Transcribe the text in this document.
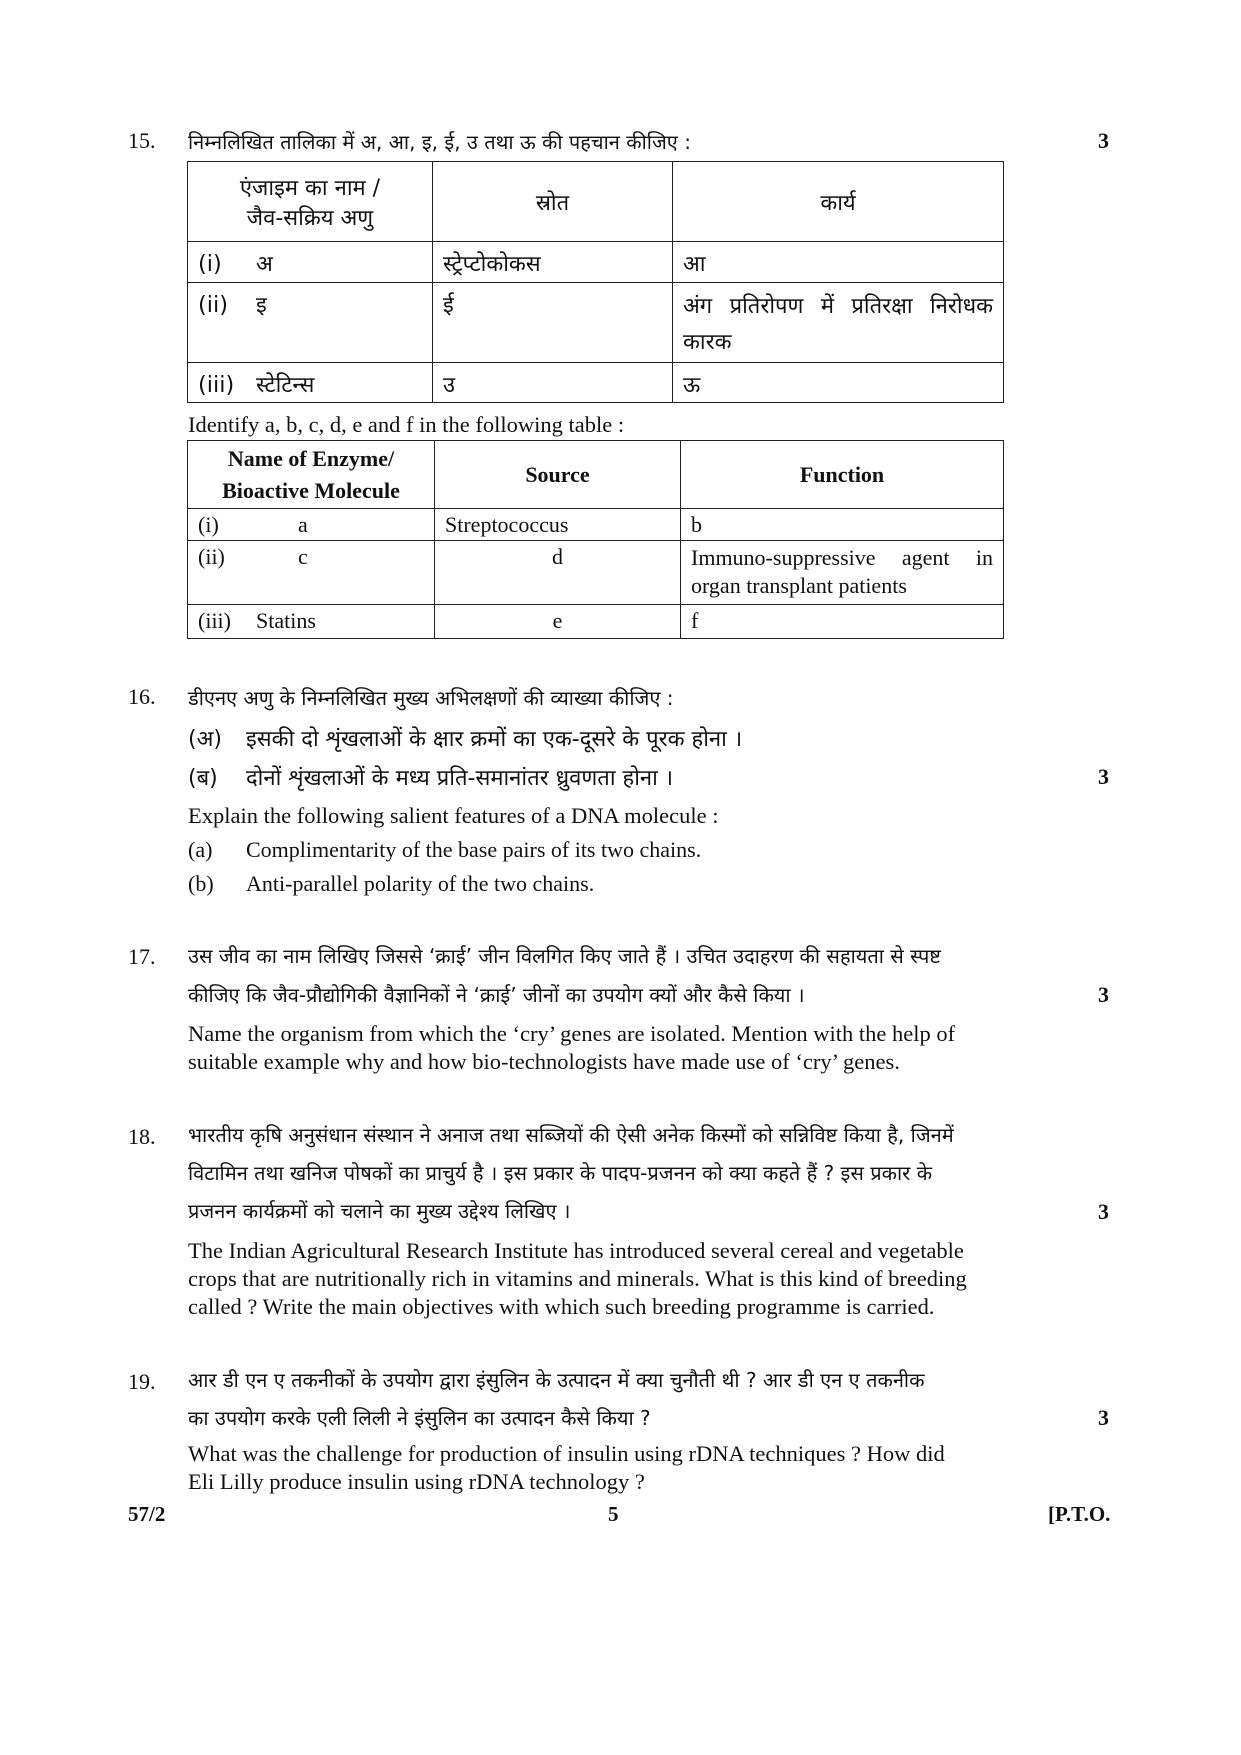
15. निम्नलिखित तालिका में अ, आ, इ, ई, उ तथा ऊ की पहचान कीजिए :	3
एंजाइम का नाम / जैव-सक्रिय अणु	स्रोत	कार्य
(i) अ	स्ट्रेप्टोकोकस	आ
(ii) इ	ई	अंग प्रतिरोपण में प्रतिरक्षा निरोधक कारक
(iii) स्टेटिन्स	उ	ऊ
Identify a, b, c, d, e and f in the following table :
Name of Enzyme/ Bioactive Molecule	Source	Function
(i) a	Streptococcus	b
(ii) c	d	Immuno-suppressive agent in organ transplant patients
(iii) Statins	e	f
16. डीएनए अणु के निम्नलिखित मुख्य अभिलक्षणों की व्याख्या कीजिए :
(अ) इसकी दो शृंखलाओं के क्षार क्रमों का एक-दूसरे के पूरक होना ।
(ब) दोनों शृंखलाओं के मध्य प्रति-समानांतर ध्रुवणता होना ।	3
Explain the following salient features of a DNA molecule :
(a) Complimentarity of the base pairs of its two chains.
(b) Anti-parallel polarity of the two chains.
17. उस जीव का नाम लिखिए जिससे ‘क्राई’ जीन विलगित किए जाते हैं । उचित उदाहरण की सहायता से स्पष्ट
कीजिए कि जैव-प्रौद्योगिकी वैज्ञानिकों ने ‘क्राई’ जीनों का उपयोग क्यों और कैसे किया ।	3
Name the organism from which the ‘cry’ genes are isolated. Mention with the help of
suitable example why and how bio-technologists have made use of ‘cry’ genes.
18. भारतीय कृषि अनुसंधान संस्थान ने अनाज तथा सब्जियों की ऐसी अनेक किस्मों को सन्निविष्ट किया है, जिनमें
विटामिन तथा खनिज पोषकों का प्राचुर्य है । इस प्रकार के पादप-प्रजनन को क्या कहते हैं ? इस प्रकार के
प्रजनन कार्यक्रमों को चलाने का मुख्य उद्देश्य लिखिए ।	3
The Indian Agricultural Research Institute has introduced several cereal and vegetable
crops that are nutritionally rich in vitamins and minerals. What is this kind of breeding
called ? Write the main objectives with which such breeding programme is carried.
19. आर डी एन ए तकनीकों के उपयोग द्वारा इंसुलिन के उत्पादन में क्या चुनौती थी ? आर डी एन ए तकनीक
का उपयोग करके एली लिली ने इंसुलिन का उत्पादन कैसे किया ?	3
What was the challenge for production of insulin using rDNA techniques ? How did
Eli Lilly produce insulin using rDNA technology ?
57/2	5	[P.T.O.
